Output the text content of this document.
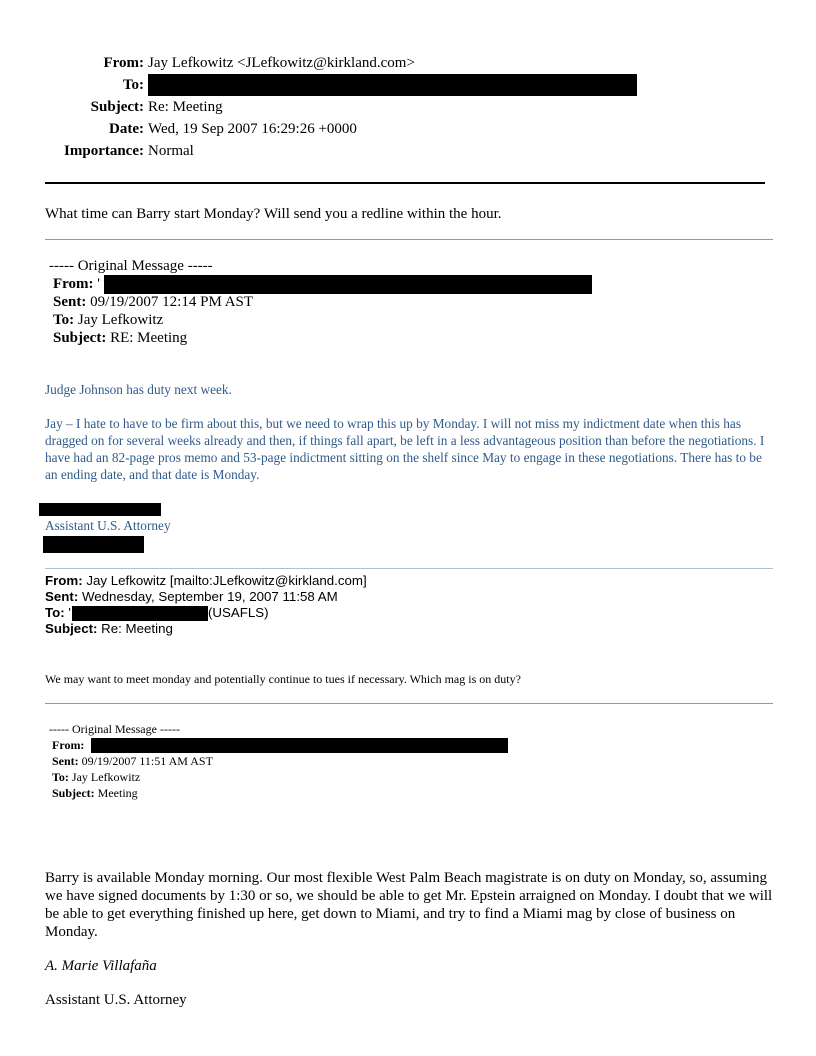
From: Jay Lefkowitz <JLefkowitz@kirkland.com>
To:
Subject: Re: Meeting
Date: Wed, 19 Sep 2007 16:29:26 +0000
Importance: Normal
What time can Barry start Monday? Will send you a redline within the hour.
----- Original Message -----
From: '
Sent: 09/19/2007 12:14 PM AST
To: Jay Lefkowitz
Subject: RE: Meeting
Judge Johnson has duty next week.
Jay – I hate to have to be firm about this, but we need to wrap this up by Monday. I will not miss my indictment date when this has dragged on for several weeks already and then, if things fall apart, be left in a less advantageous position than before the negotiations. I have had an 82-page pros memo and 53-page indictment sitting on the shelf since May to engage in these negotiations. There has to be an ending date, and that date is Monday.
Assistant U.S. Attorney
From: Jay Lefkowitz [mailto:JLefkowitz@kirkland.com]
Sent: Wednesday, September 19, 2007 11:58 AM
To: '	(USAFLS)
Subject: Re: Meeting
We may want to meet monday and potentially continue to tues if necessary. Which mag is on duty?
----- Original Message -----
From:
Sent: 09/19/2007 11:51 AM AST
To: Jay Lefkowitz
Subject: Meeting
Barry is available Monday morning. Our most flexible West Palm Beach magistrate is on duty on Monday, so, assuming we have signed documents by 1:30 or so, we should be able to get Mr. Epstein arraigned on Monday. I doubt that we will be able to get everything finished up here, get down to Miami, and try to find a Miami mag by close of business on Monday.
A. Marie Villafaña
Assistant U.S. Attorney
